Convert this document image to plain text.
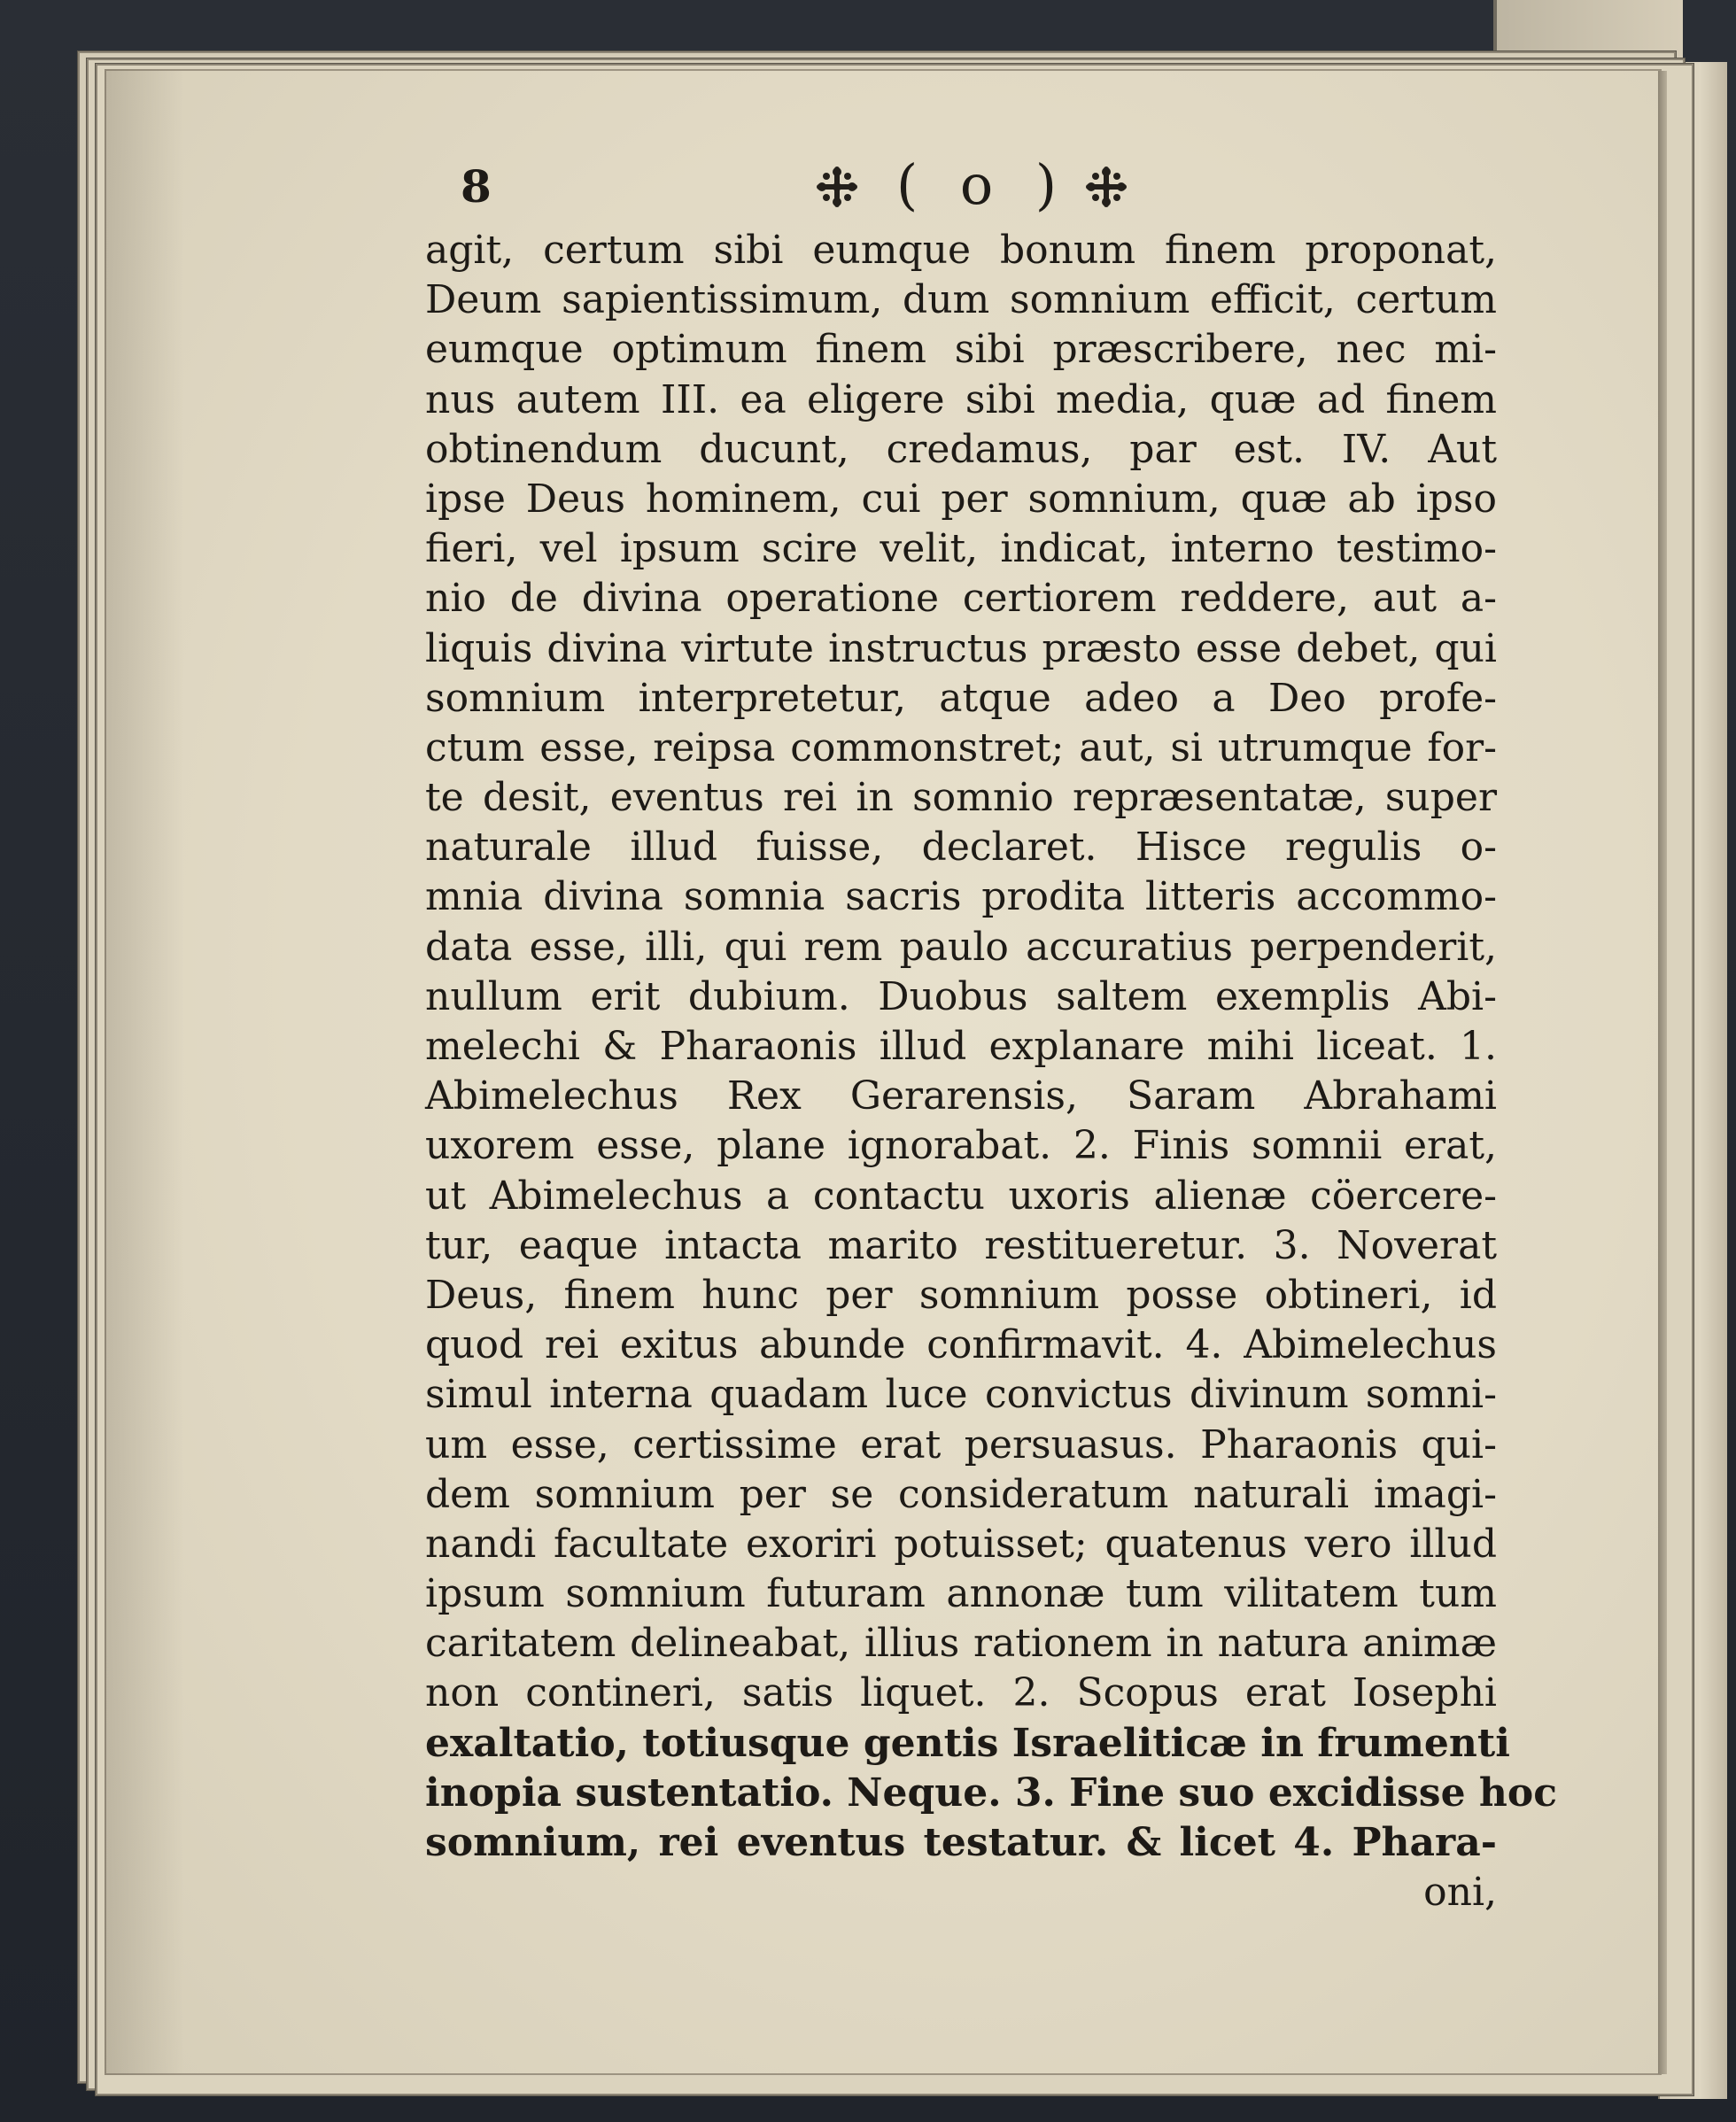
8	( o )
agit, certum sibi eumque bonum finem proponat,
Deum sapientissimum, dum somnium efficit, certum
eumque optimum finem sibi præscribere, nec mi-
nus autem III. ea eligere sibi media, quæ ad finem
obtinendum ducunt, credamus, par est. IV. Aut
ipse Deus hominem, cui per somnium, quæ ab ipso
fieri, vel ipsum scire velit, indicat, interno testimo-
nio de divina operatione certiorem reddere, aut a-
liquis divina virtute instructus præsto esse debet, qui
somnium interpretetur, atque adeo a Deo profe-
ctum esse, reipsa commonstret; aut, si utrumque for-
te desit, eventus rei in somnio repræsentatæ, super
naturale illud fuisse, declaret. Hisce regulis o-
mnia divina somnia sacris prodita litteris accommo-
data esse, illi, qui rem paulo accuratius perpenderit,
nullum erit dubium. Duobus saltem exemplis Abi-
melechi & Pharaonis illud explanare mihi liceat. 1.
Abimelechus Rex Gerarensis, Saram Abrahami
uxorem esse, plane ignorabat. 2. Finis somnii erat,
ut Abimelechus a contactu uxoris alienæ cöercere-
tur, eaque intacta marito restitueretur. 3. Noverat
Deus, finem hunc per somnium posse obtineri, id
quod rei exitus abunde confirmavit. 4. Abimelechus
simul interna quadam luce convictus divinum somni-
um esse, certissime erat persuasus. Pharaonis qui-
dem somnium per se consideratum naturali imagi-
nandi facultate exoriri potuisset; quatenus vero illud
ipsum somnium futuram annonæ tum vilitatem tum
caritatem delineabat, illius rationem in natura animæ
non contineri, satis liquet. 2. Scopus erat Iosephi
exaltatio, totiusque gentis Israeliticæ in frumenti
inopia sustentatio. Neque. 3. Fine suo excidisse hoc
somnium, rei eventus testatur. & licet 4. Phara-
oni,
